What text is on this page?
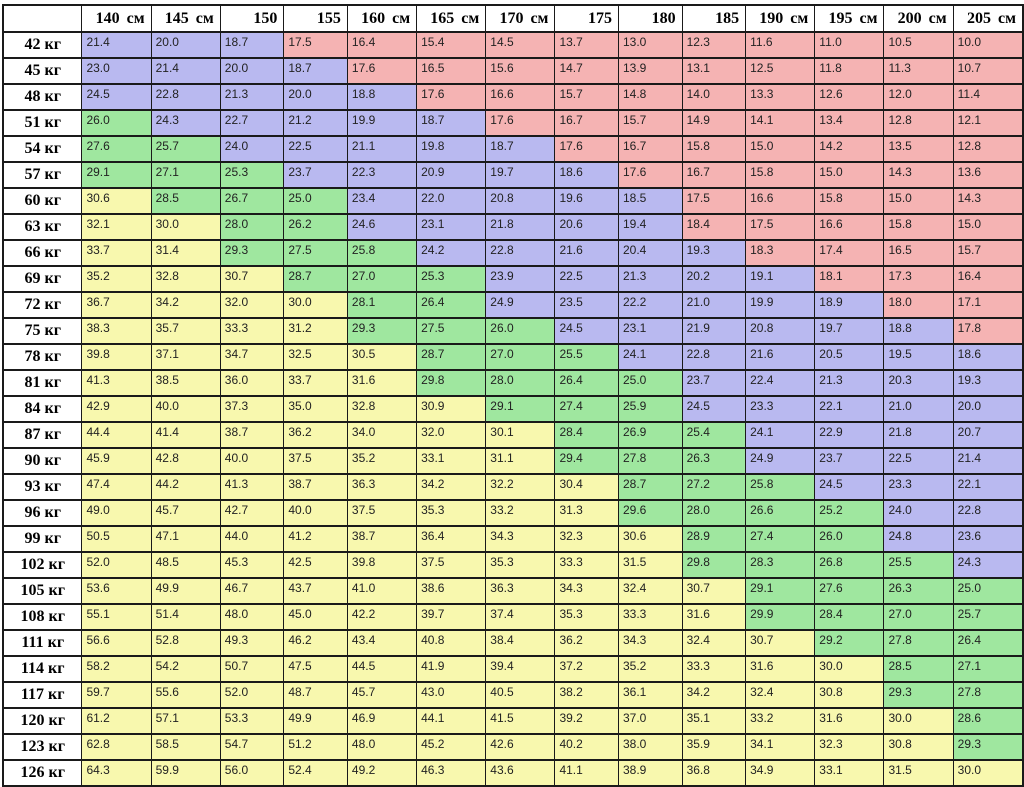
	140 см	145 см	150	155	160 см	165 см	170 см	175	180	185	190 см	195 см	200 см	205 см
42 кг	21.4	20.0	18.7	17.5	16.4	15.4	14.5	13.7	13.0	12.3	11.6	11.0	10.5	10.0
45 кг	23.0	21.4	20.0	18.7	17.6	16.5	15.6	14.7	13.9	13.1	12.5	11.8	11.3	10.7
48 кг	24.5	22.8	21.3	20.0	18.8	17.6	16.6	15.7	14.8	14.0	13.3	12.6	12.0	11.4
51 кг	26.0	24.3	22.7	21.2	19.9	18.7	17.6	16.7	15.7	14.9	14.1	13.4	12.8	12.1
54 кг	27.6	25.7	24.0	22.5	21.1	19.8	18.7	17.6	16.7	15.8	15.0	14.2	13.5	12.8
57 кг	29.1	27.1	25.3	23.7	22.3	20.9	19.7	18.6	17.6	16.7	15.8	15.0	14.3	13.6
60 кг	30.6	28.5	26.7	25.0	23.4	22.0	20.8	19.6	18.5	17.5	16.6	15.8	15.0	14.3
63 кг	32.1	30.0	28.0	26.2	24.6	23.1	21.8	20.6	19.4	18.4	17.5	16.6	15.8	15.0
66 кг	33.7	31.4	29.3	27.5	25.8	24.2	22.8	21.6	20.4	19.3	18.3	17.4	16.5	15.7
69 кг	35.2	32.8	30.7	28.7	27.0	25.3	23.9	22.5	21.3	20.2	19.1	18.1	17.3	16.4
72 кг	36.7	34.2	32.0	30.0	28.1	26.4	24.9	23.5	22.2	21.0	19.9	18.9	18.0	17.1
75 кг	38.3	35.7	33.3	31.2	29.3	27.5	26.0	24.5	23.1	21.9	20.8	19.7	18.8	17.8
78 кг	39.8	37.1	34.7	32.5	30.5	28.7	27.0	25.5	24.1	22.8	21.6	20.5	19.5	18.6
81 кг	41.3	38.5	36.0	33.7	31.6	29.8	28.0	26.4	25.0	23.7	22.4	21.3	20.3	19.3
84 кг	42.9	40.0	37.3	35.0	32.8	30.9	29.1	27.4	25.9	24.5	23.3	22.1	21.0	20.0
87 кг	44.4	41.4	38.7	36.2	34.0	32.0	30.1	28.4	26.9	25.4	24.1	22.9	21.8	20.7
90 кг	45.9	42.8	40.0	37.5	35.2	33.1	31.1	29.4	27.8	26.3	24.9	23.7	22.5	21.4
93 кг	47.4	44.2	41.3	38.7	36.3	34.2	32.2	30.4	28.7	27.2	25.8	24.5	23.3	22.1
96 кг	49.0	45.7	42.7	40.0	37.5	35.3	33.2	31.3	29.6	28.0	26.6	25.2	24.0	22.8
99 кг	50.5	47.1	44.0	41.2	38.7	36.4	34.3	32.3	30.6	28.9	27.4	26.0	24.8	23.6
102 кг	52.0	48.5	45.3	42.5	39.8	37.5	35.3	33.3	31.5	29.8	28.3	26.8	25.5	24.3
105 кг	53.6	49.9	46.7	43.7	41.0	38.6	36.3	34.3	32.4	30.7	29.1	27.6	26.3	25.0
108 кг	55.1	51.4	48.0	45.0	42.2	39.7	37.4	35.3	33.3	31.6	29.9	28.4	27.0	25.7
111 кг	56.6	52.8	49.3	46.2	43.4	40.8	38.4	36.2	34.3	32.4	30.7	29.2	27.8	26.4
114 кг	58.2	54.2	50.7	47.5	44.5	41.9	39.4	37.2	35.2	33.3	31.6	30.0	28.5	27.1
117 кг	59.7	55.6	52.0	48.7	45.7	43.0	40.5	38.2	36.1	34.2	32.4	30.8	29.3	27.8
120 кг	61.2	57.1	53.3	49.9	46.9	44.1	41.5	39.2	37.0	35.1	33.2	31.6	30.0	28.6
123 кг	62.8	58.5	54.7	51.2	48.0	45.2	42.6	40.2	38.0	35.9	34.1	32.3	30.8	29.3
126 кг	64.3	59.9	56.0	52.4	49.2	46.3	43.6	41.1	38.9	36.8	34.9	33.1	31.5	30.0
